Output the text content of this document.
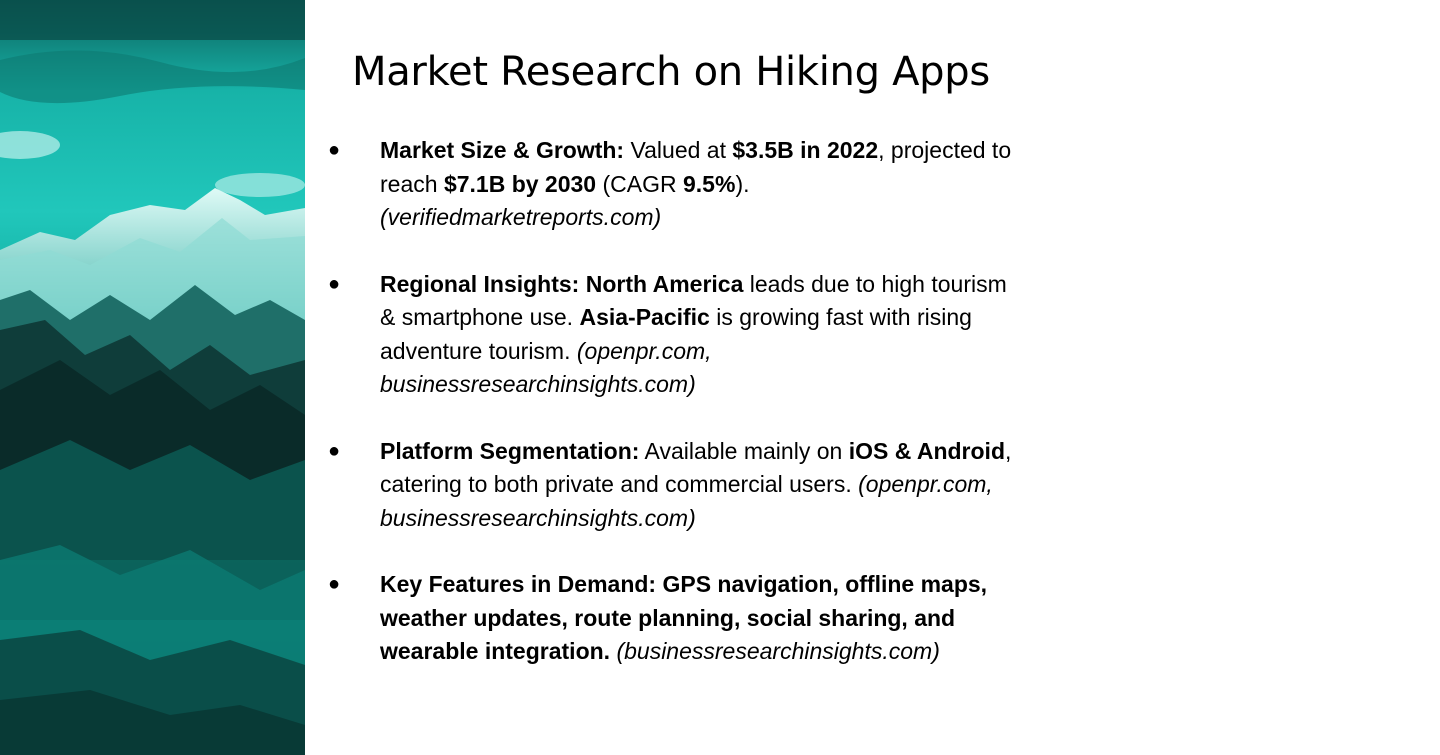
Market Research on Hiking Apps
● Market Size & Growth: Valued at $3.5B in 2022, projected to reach $7.1B by 2030 (CAGR 9.5%).
(verifiedmarketreports.com)
● Regional Insights: North America leads due to high tourism & smartphone use. Asia-Pacific is growing fast with rising adventure tourism. (openpr.com, businessresearchinsights.com)
● Platform Segmentation: Available mainly on iOS & Android, catering to both private and commercial users. (openpr.com, businessresearchinsights.com)
● Key Features in Demand: GPS navigation, offline maps, weather updates, route planning, social sharing, and wearable integration. (businessresearchinsights.com)
